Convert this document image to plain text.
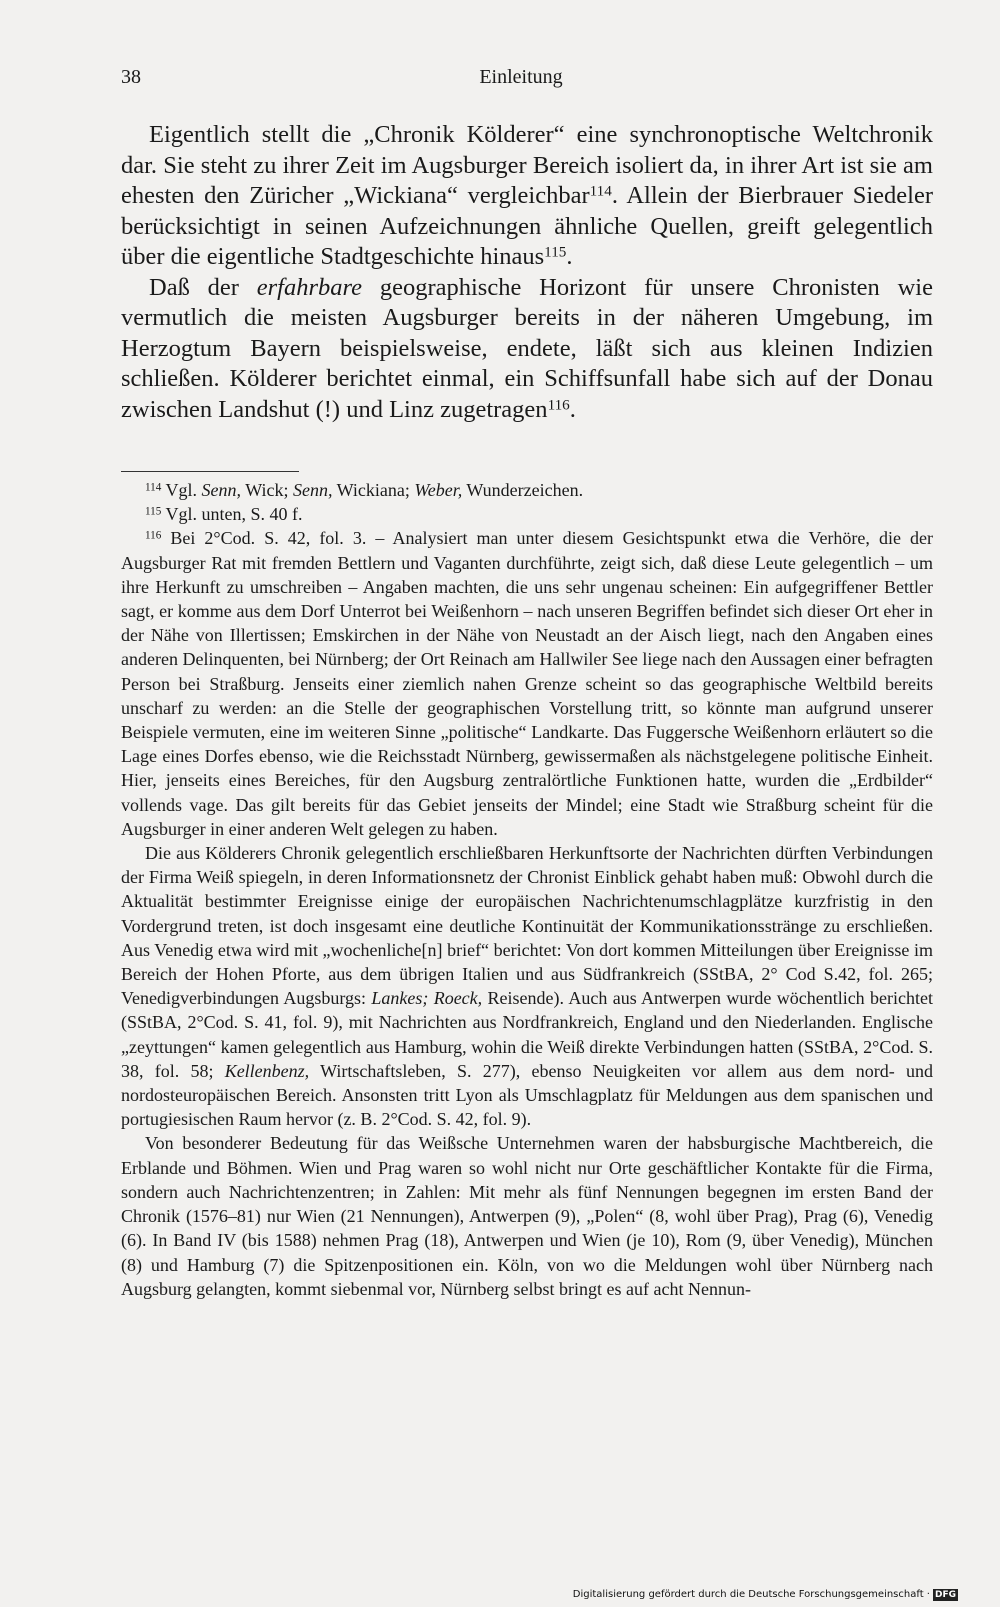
38	Einleitung

Eigentlich stellt die „Chronik Kölderer“ eine synchronoptische Weltchronik dar. Sie steht zu ihrer Zeit im Augsburger Bereich isoliert da, in ihrer Art ist sie am ehesten den Züricher „Wickiana“ vergleichbar$^{114}$. Allein der Bierbrauer Siedeler berücksichtigt in seinen Aufzeichnungen ähnliche Quellen, greift gelegentlich über die eigentliche Stadtgeschichte hinaus$^{115}$.

Daß der erfahrbare geographische Horizont für unsere Chronisten wie vermutlich die meisten Augsburger bereits in der näheren Umgebung, im Herzogtum Bayern beispielsweise, endete, läßt sich aus kleinen Indizien schließen. Kölderer berichtet einmal, ein Schiffsunfall habe sich auf der Donau zwischen Landshut (!) und Linz zugetragen$^{116}$.

$^{114}$ Vgl. Senn, Wick; Senn, Wickiana; Weber, Wunderzeichen.

$^{115}$ Vgl. unten, S. 40 f.

$^{116}$ Bei 2°Cod. S. 42, fol. 3. – Analysiert man unter diesem Gesichtspunkt etwa die Verhöre, die der Augsburger Rat mit fremden Bettlern und Vaganten durchführte, zeigt sich, daß diese Leute gelegentlich – um ihre Herkunft zu umschreiben – Angaben machten, die uns sehr ungenau scheinen: Ein aufgegriffener Bettler sagt, er komme aus dem Dorf Unterrot bei Weißenhorn – nach unseren Begriffen befindet sich dieser Ort eher in der Nähe von Illertissen; Emskirchen in der Nähe von Neustadt an der Aisch liegt, nach den Angaben eines anderen Delinquenten, bei Nürnberg; der Ort Reinach am Hallwiler See liege nach den Aussagen einer befragten Person bei Straßburg. Jenseits einer ziemlich nahen Grenze scheint so das geographische Weltbild bereits unscharf zu werden: an die Stelle der geographischen Vorstellung tritt, so könnte man aufgrund unserer Beispiele vermuten, eine im weiteren Sinne „politische“ Landkarte. Das Fuggersche Weißenhorn erläutert so die Lage eines Dorfes ebenso, wie die Reichsstadt Nürnberg, gewissermaßen als nächstgelegene politische Einheit. Hier, jenseits eines Bereiches, für den Augsburg zentralörtliche Funktionen hatte, wurden die „Erdbilder“ vollends vage. Das gilt bereits für das Gebiet jenseits der Mindel; eine Stadt wie Straßburg scheint für die Augsburger in einer anderen Welt gelegen zu haben.

Die aus Kölderers Chronik gelegentlich erschließbaren Herkunftsorte der Nachrichten dürften Verbindungen der Firma Weiß spiegeln, in deren Informationsnetz der Chronist Einblick gehabt haben muß: Obwohl durch die Aktualität bestimmter Ereignisse einige der europäischen Nachrichtenumschlagplätze kurzfristig in den Vordergrund treten, ist doch insgesamt eine deutliche Kontinuität der Kommunikationsstränge zu erschließen. Aus Venedig etwa wird mit „wochenliche[n] brief“ berichtet: Von dort kommen Mitteilungen über Ereignisse im Bereich der Hohen Pforte, aus dem übrigen Italien und aus Südfrankreich (SStBA, 2° Cod S.42, fol. 265; Venedigverbindungen Augsburgs: Lankes; Roeck, Reisende). Auch aus Antwerpen wurde wöchentlich berichtet (SStBA, 2°Cod. S. 41, fol. 9), mit Nachrichten aus Nordfrankreich, England und den Niederlanden. Englische „zeyttungen“ kamen gelegentlich aus Hamburg, wohin die Weiß direkte Verbindungen hatten (SStBA, 2°Cod. S. 38, fol. 58; Kellenbenz, Wirtschaftsleben, S. 277), ebenso Neuigkeiten vor allem aus dem nord- und nordosteuropäischen Bereich. Ansonsten tritt Lyon als Umschlagplatz für Meldungen aus dem spanischen und portugiesischen Raum hervor (z. B. 2°Cod. S. 42, fol. 9).

Von besonderer Bedeutung für das Weißsche Unternehmen waren der habsburgische Machtbereich, die Erblande und Böhmen. Wien und Prag waren so wohl nicht nur Orte geschäftlicher Kontakte für die Firma, sondern auch Nachrichtenzentren; in Zahlen: Mit mehr als fünf Nennungen begegnen im ersten Band der Chronik (1576–81) nur Wien (21 Nennungen), Antwerpen (9), „Polen“ (8, wohl über Prag), Prag (6), Venedig (6). In Band IV (bis 1588) nehmen Prag (18), Antwerpen und Wien (je 10), Rom (9, über Venedig), München (8) und Hamburg (7) die Spitzenpositionen ein. Köln, von wo die Meldungen wohl über Nürnberg nach Augsburg gelangten, kommt siebenmal vor, Nürnberg selbst bringt es auf acht Nennun-

Digitalisierung gefördert durch die Deutsche Forschungsgemeinschaft · DFG
